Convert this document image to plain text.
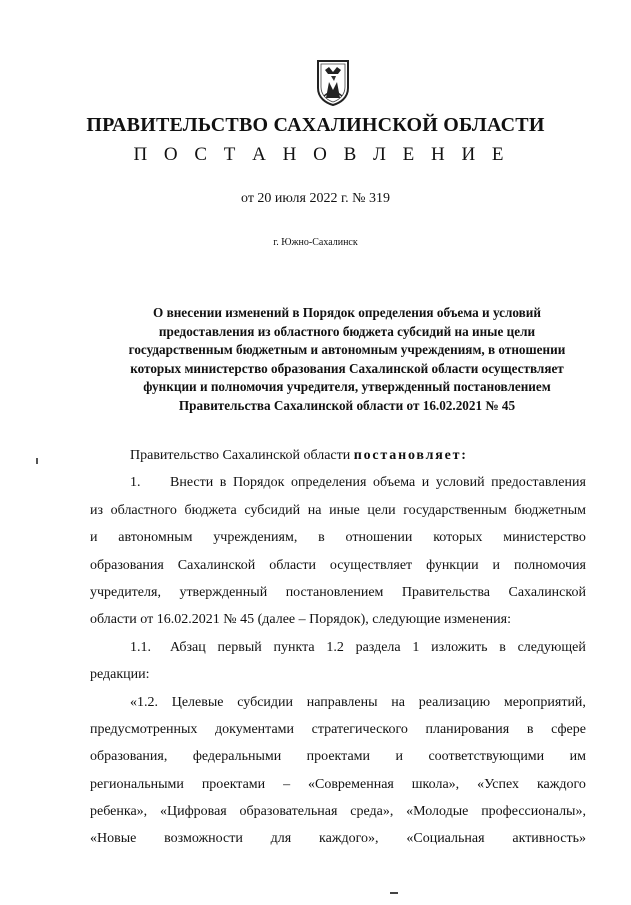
ПРАВИТЕЛЬСТВО САХАЛИНСКОЙ ОБЛАСТИ
П О С Т А Н О В Л Е Н И Е
от 20 июля 2022 г. № 319
г. Южно-Сахалинск
О внесении изменений в Порядок определения объема и условий
предоставления из областного бюджета субсидий на иные цели
государственным бюджетным и автономным учреждениям, в отношении
которых министерство образования Сахалинской области осуществляет
функции и полномочия учредителя, утвержденный постановлением
Правительства Сахалинской области от 16.02.2021 № 45
Правительство Сахалинской области
постановляет:
1.	Внести в Порядок определения объема и условий предоставления
из областного бюджета субсидий на иные цели государственным бюджетным
и автономным учреждениям, в отношении которых министерство
образования Сахалинской области осуществляет функции и полномочия
учредителя, утвержденный постановлением Правительства Сахалинской
области от 16.02.2021 № 45 (далее – Порядок), следующие изменения:
1.1.	Абзац первый пункта 1.2 раздела 1 изложить в следующей
редакции:
«1.2. Целевые субсидии направлены на реализацию мероприятий,
предусмотренных документами стратегического планирования в сфере
образования, федеральными проектами и соответствующими им
региональными проектами – «Современная школа», «Успех каждого
ребенка», «Цифровая образовательная среда», «Молодые профессионалы»,
«Новые возможности для каждого», «Социальная активность»
